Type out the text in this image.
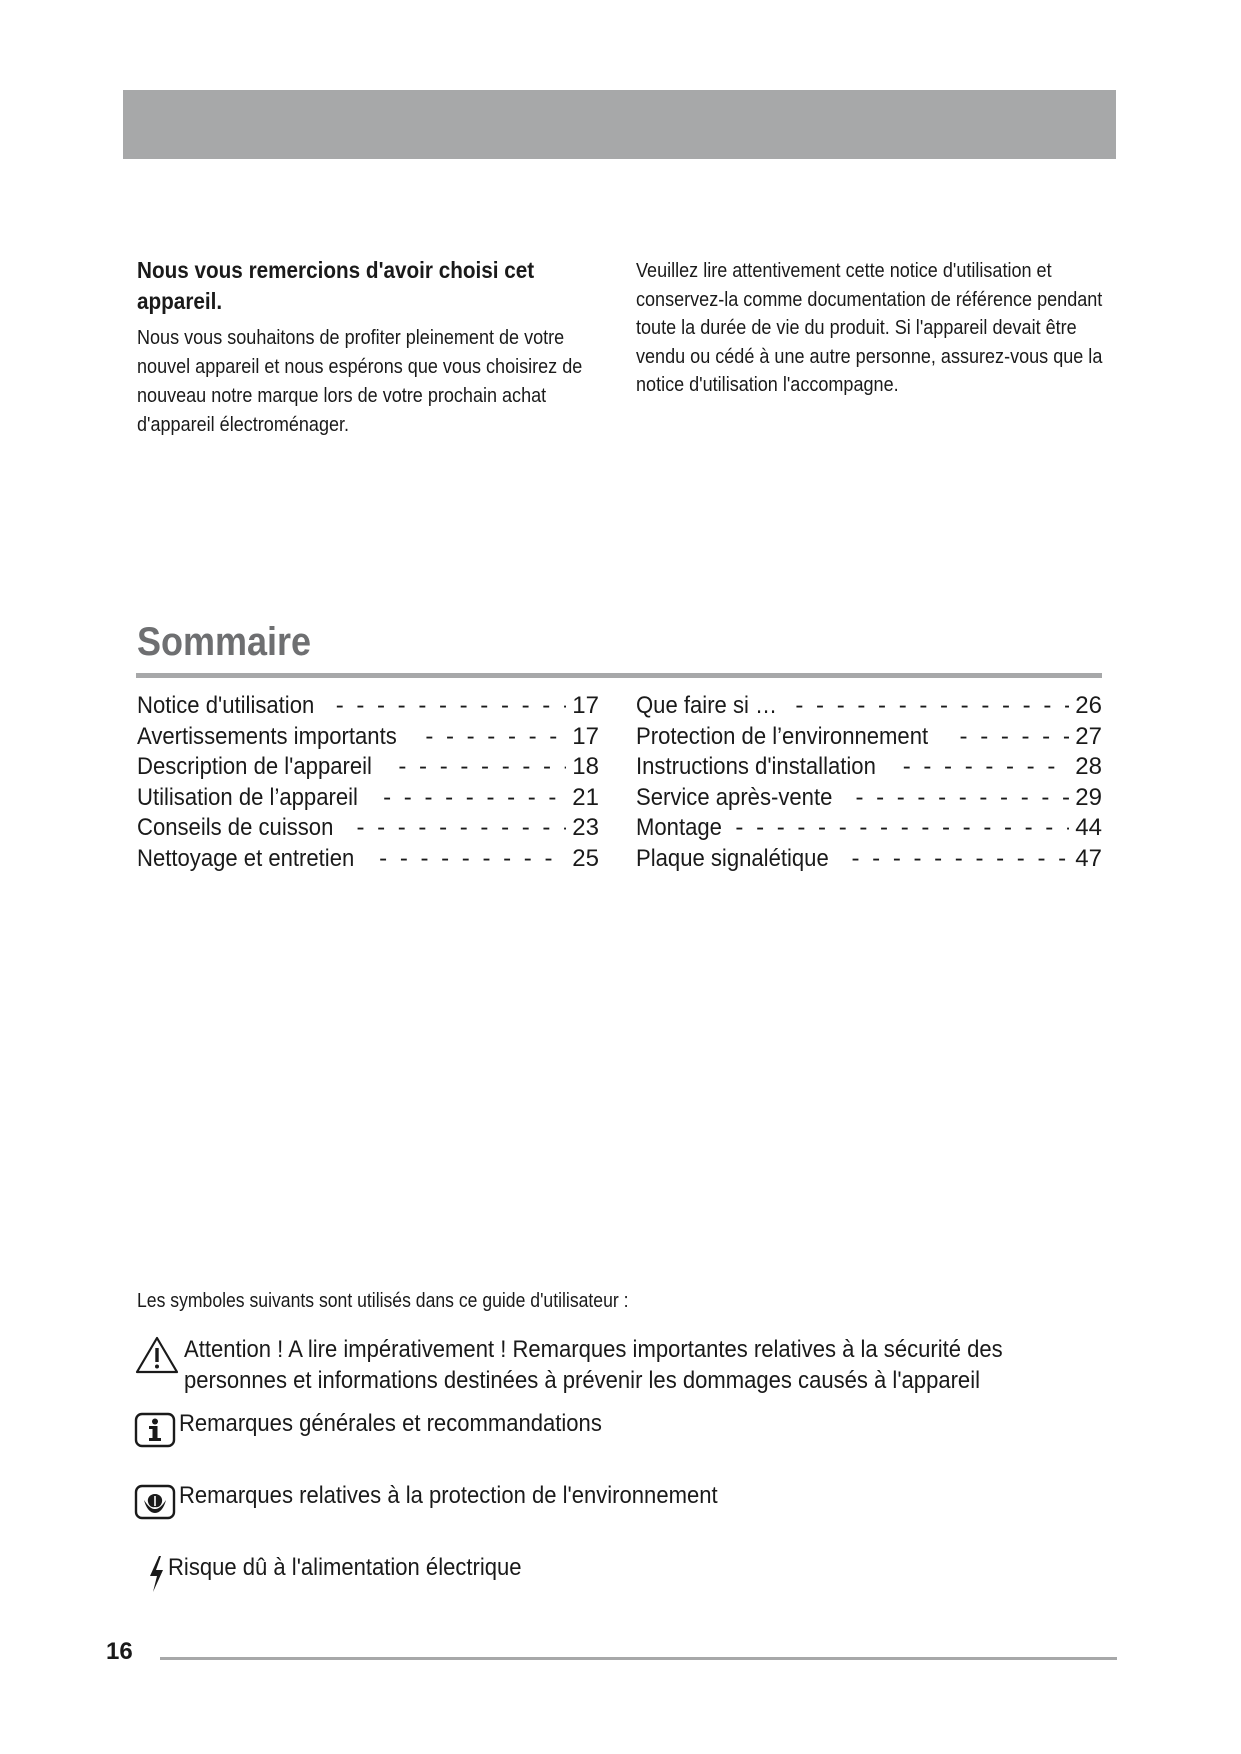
Nous vous remercions d'avoir choisi cet appareil.
Nous vous souhaitons de profiter pleinement de votre nouvel appareil et nous espérons que vous choisirez de nouveau notre marque lors de votre prochain achat d'appareil électroménager.
Veuillez lire attentivement cette notice d'utilisation et conservez-la comme documentation de référence pendant toute la durée de vie du produit. Si l'appareil devait être vendu ou cédé à une autre personne, assurez-vous que la notice d'utilisation l'accompagne.
Sommaire
Notice d'utilisation - - -	17
Avertissements importants - - -	17
Description de l'appareil - - -	18
Utilisation de l’appareil - - -	21
Conseils de cuisson - - -	23
Nettoyage et entretien - - -	25
Que faire si … - - -	26
Protection de l’environnement - - -	27
Instructions d'installation - - -	28
Service après-vente - - -	29
Montage - - -	44
Plaque signalétique - - -	47
Les symboles suivants sont utilisés dans ce guide d'utilisateur :
Attention ! A lire impérativement ! Remarques importantes relatives à la sécurité des personnes et informations destinées à prévenir les dommages causés à l'appareil
Remarques générales et recommandations
Remarques relatives à la protection de l'environnement
Risque dû à l'alimentation électrique
16
